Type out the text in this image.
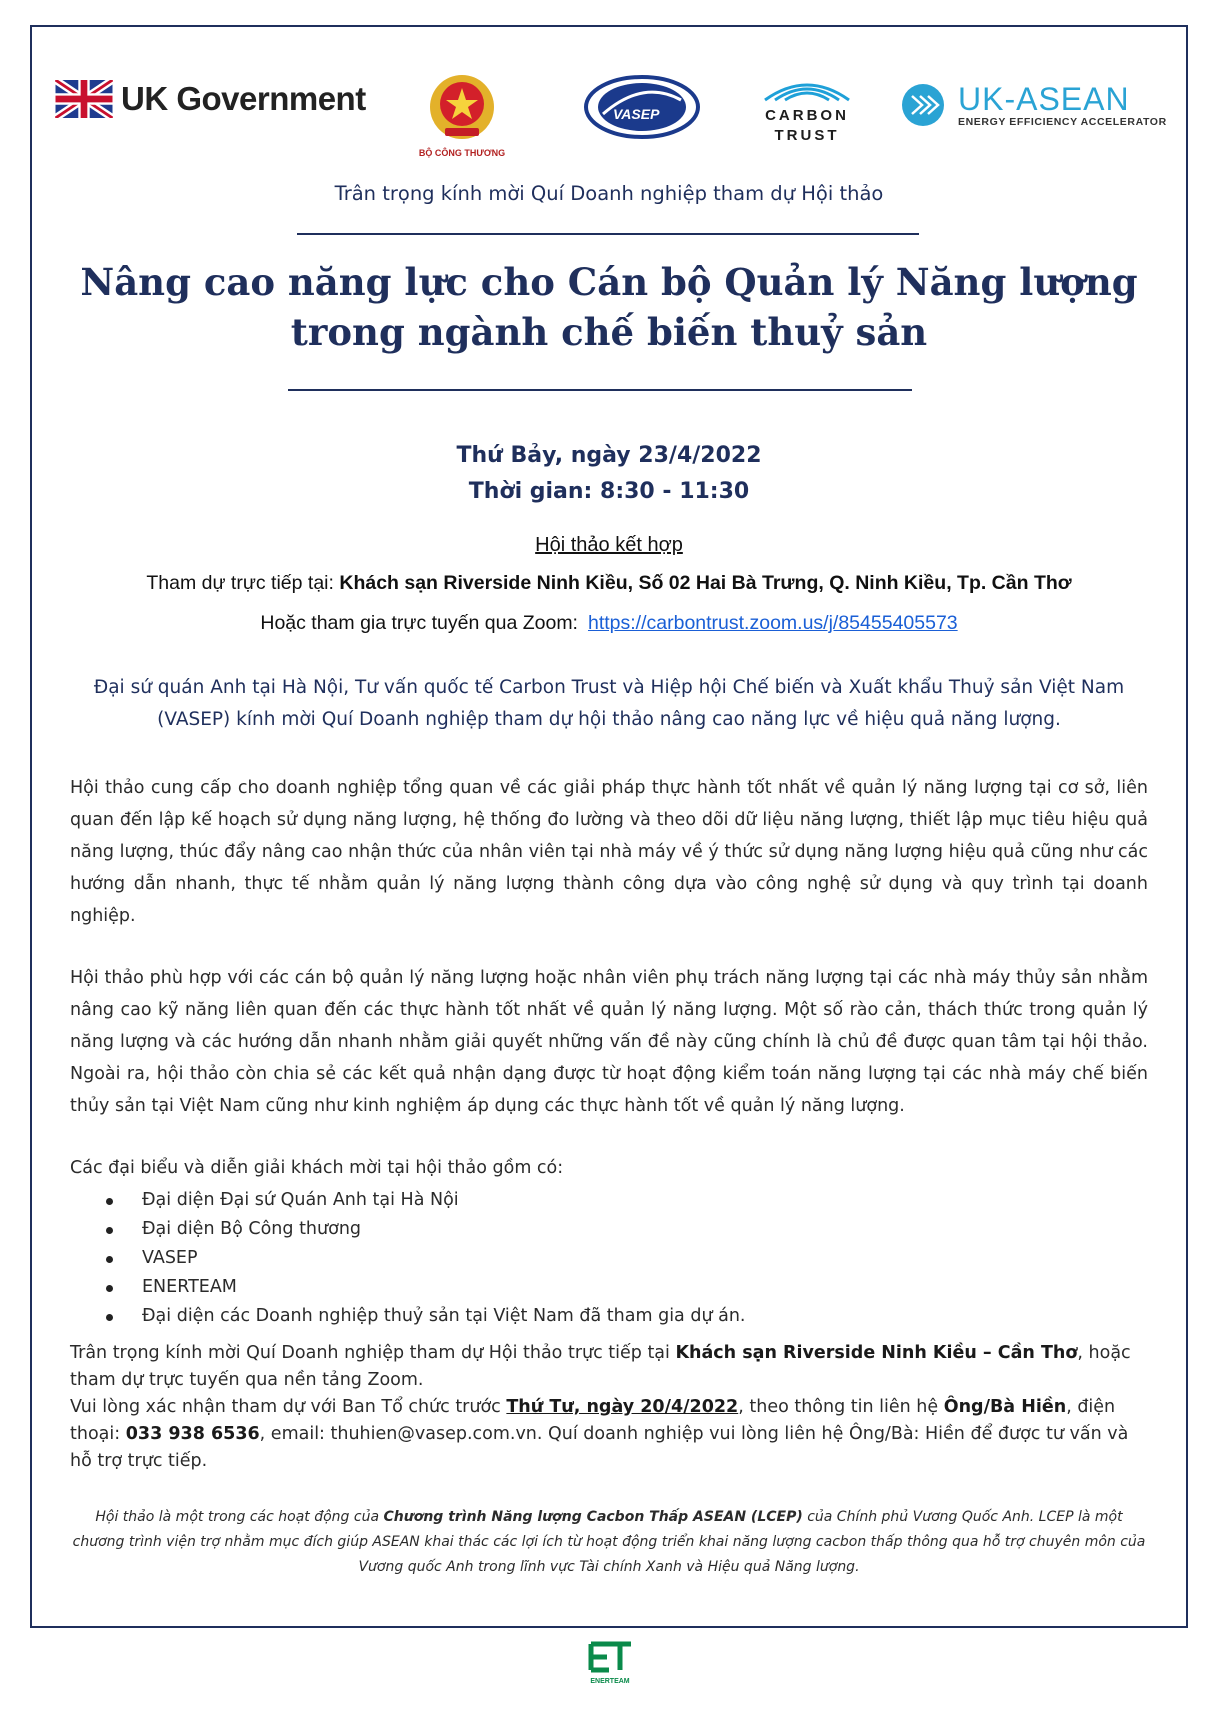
UK Government
BỘ CÔNG THƯƠNG
VASEP	CARBON
TRUST
UK-ASEAN
ENERGY EFFICIENCY ACCELERATOR
Trân trọng kính mời Quí Doanh nghiệp tham dự Hội thảo
Nâng cao năng lực cho Cán bộ Quản lý Năng lượng
trong ngành chế biến thuỷ sản
Thứ Bảy, ngày 23/4/2022
Thời gian: 8:30 - 11:30
Hội thảo kết hợp
Tham dự trực tiếp tại: Khách sạn Riverside Ninh Kiều, Số 02 Hai Bà Trưng, Q. Ninh Kiều, Tp. Cần Thơ
Hoặc tham gia trực tuyến qua Zoom: https://carbontrust.zoom.us/j/85455405573
Đại sứ quán Anh tại Hà Nội, Tư vấn quốc tế Carbon Trust và Hiệp hội Chế biến và Xuất khẩu Thuỷ sản Việt Nam (VASEP) kính mời Quí Doanh nghiệp tham dự hội thảo nâng cao năng lực về hiệu quả năng lượng.
Hội thảo cung cấp cho doanh nghiệp tổng quan về các giải pháp thực hành tốt nhất về quản lý năng lượng tại cơ sở, liên quan đến lập kế hoạch sử dụng năng lượng, hệ thống đo lường và theo dõi dữ liệu năng lượng, thiết lập mục tiêu hiệu quả năng lượng, thúc đẩy nâng cao nhận thức của nhân viên tại nhà máy về ý thức sử dụng năng lượng hiệu quả cũng như các hướng dẫn nhanh, thực tế nhằm quản lý năng lượng thành công dựa vào công nghệ sử dụng và quy trình tại doanh nghiệp.
Hội thảo phù hợp với các cán bộ quản lý năng lượng hoặc nhân viên phụ trách năng lượng tại các nhà máy thủy sản nhằm nâng cao kỹ năng liên quan đến các thực hành tốt nhất về quản lý năng lượng. Một số rào cản, thách thức trong quản lý năng lượng và các hướng dẫn nhanh nhằm giải quyết những vấn đề này cũng chính là chủ đề được quan tâm tại hội thảo. Ngoài ra, hội thảo còn chia sẻ các kết quả nhận dạng được từ hoạt động kiểm toán năng lượng tại các nhà máy chế biến thủy sản tại Việt Nam cũng như kinh nghiệm áp dụng các thực hành tốt về quản lý năng lượng.
Các đại biểu và diễn giải khách mời tại hội thảo gồm có:
Đại diện Đại sứ Quán Anh tại Hà Nội
Đại diện Bộ Công thương
VASEP
ENERTEAM
Đại diện các Doanh nghiệp thuỷ sản tại Việt Nam đã tham gia dự án.
Trân trọng kính mời Quí Doanh nghiệp tham dự Hội thảo trực tiếp tại Khách sạn Riverside Ninh Kiều – Cần Thơ, hoặc tham dự trực tuyến qua nền tảng Zoom.
Vui lòng xác nhận tham dự với Ban Tổ chức trước Thứ Tư, ngày 20/4/2022, theo thông tin liên hệ Ông/Bà Hiền, điện thoại: 033 938 6536, email: thuhien@vasep.com.vn. Quí doanh nghiệp vui lòng liên hệ Ông/Bà: Hiền để được tư vấn và hỗ trợ trực tiếp.
Hội thảo là một trong các hoạt động của Chương trình Năng lượng Cacbon Thấp ASEAN (LCEP) của Chính phủ Vương Quốc Anh. LCEP là một chương trình viện trợ nhằm mục đích giúp ASEAN khai thác các lợi ích từ hoạt động triển khai năng lượng cacbon thấp thông qua hỗ trợ chuyên môn của Vương quốc Anh trong lĩnh vực Tài chính Xanh và Hiệu quả Năng lượng.
ENERTEAM
